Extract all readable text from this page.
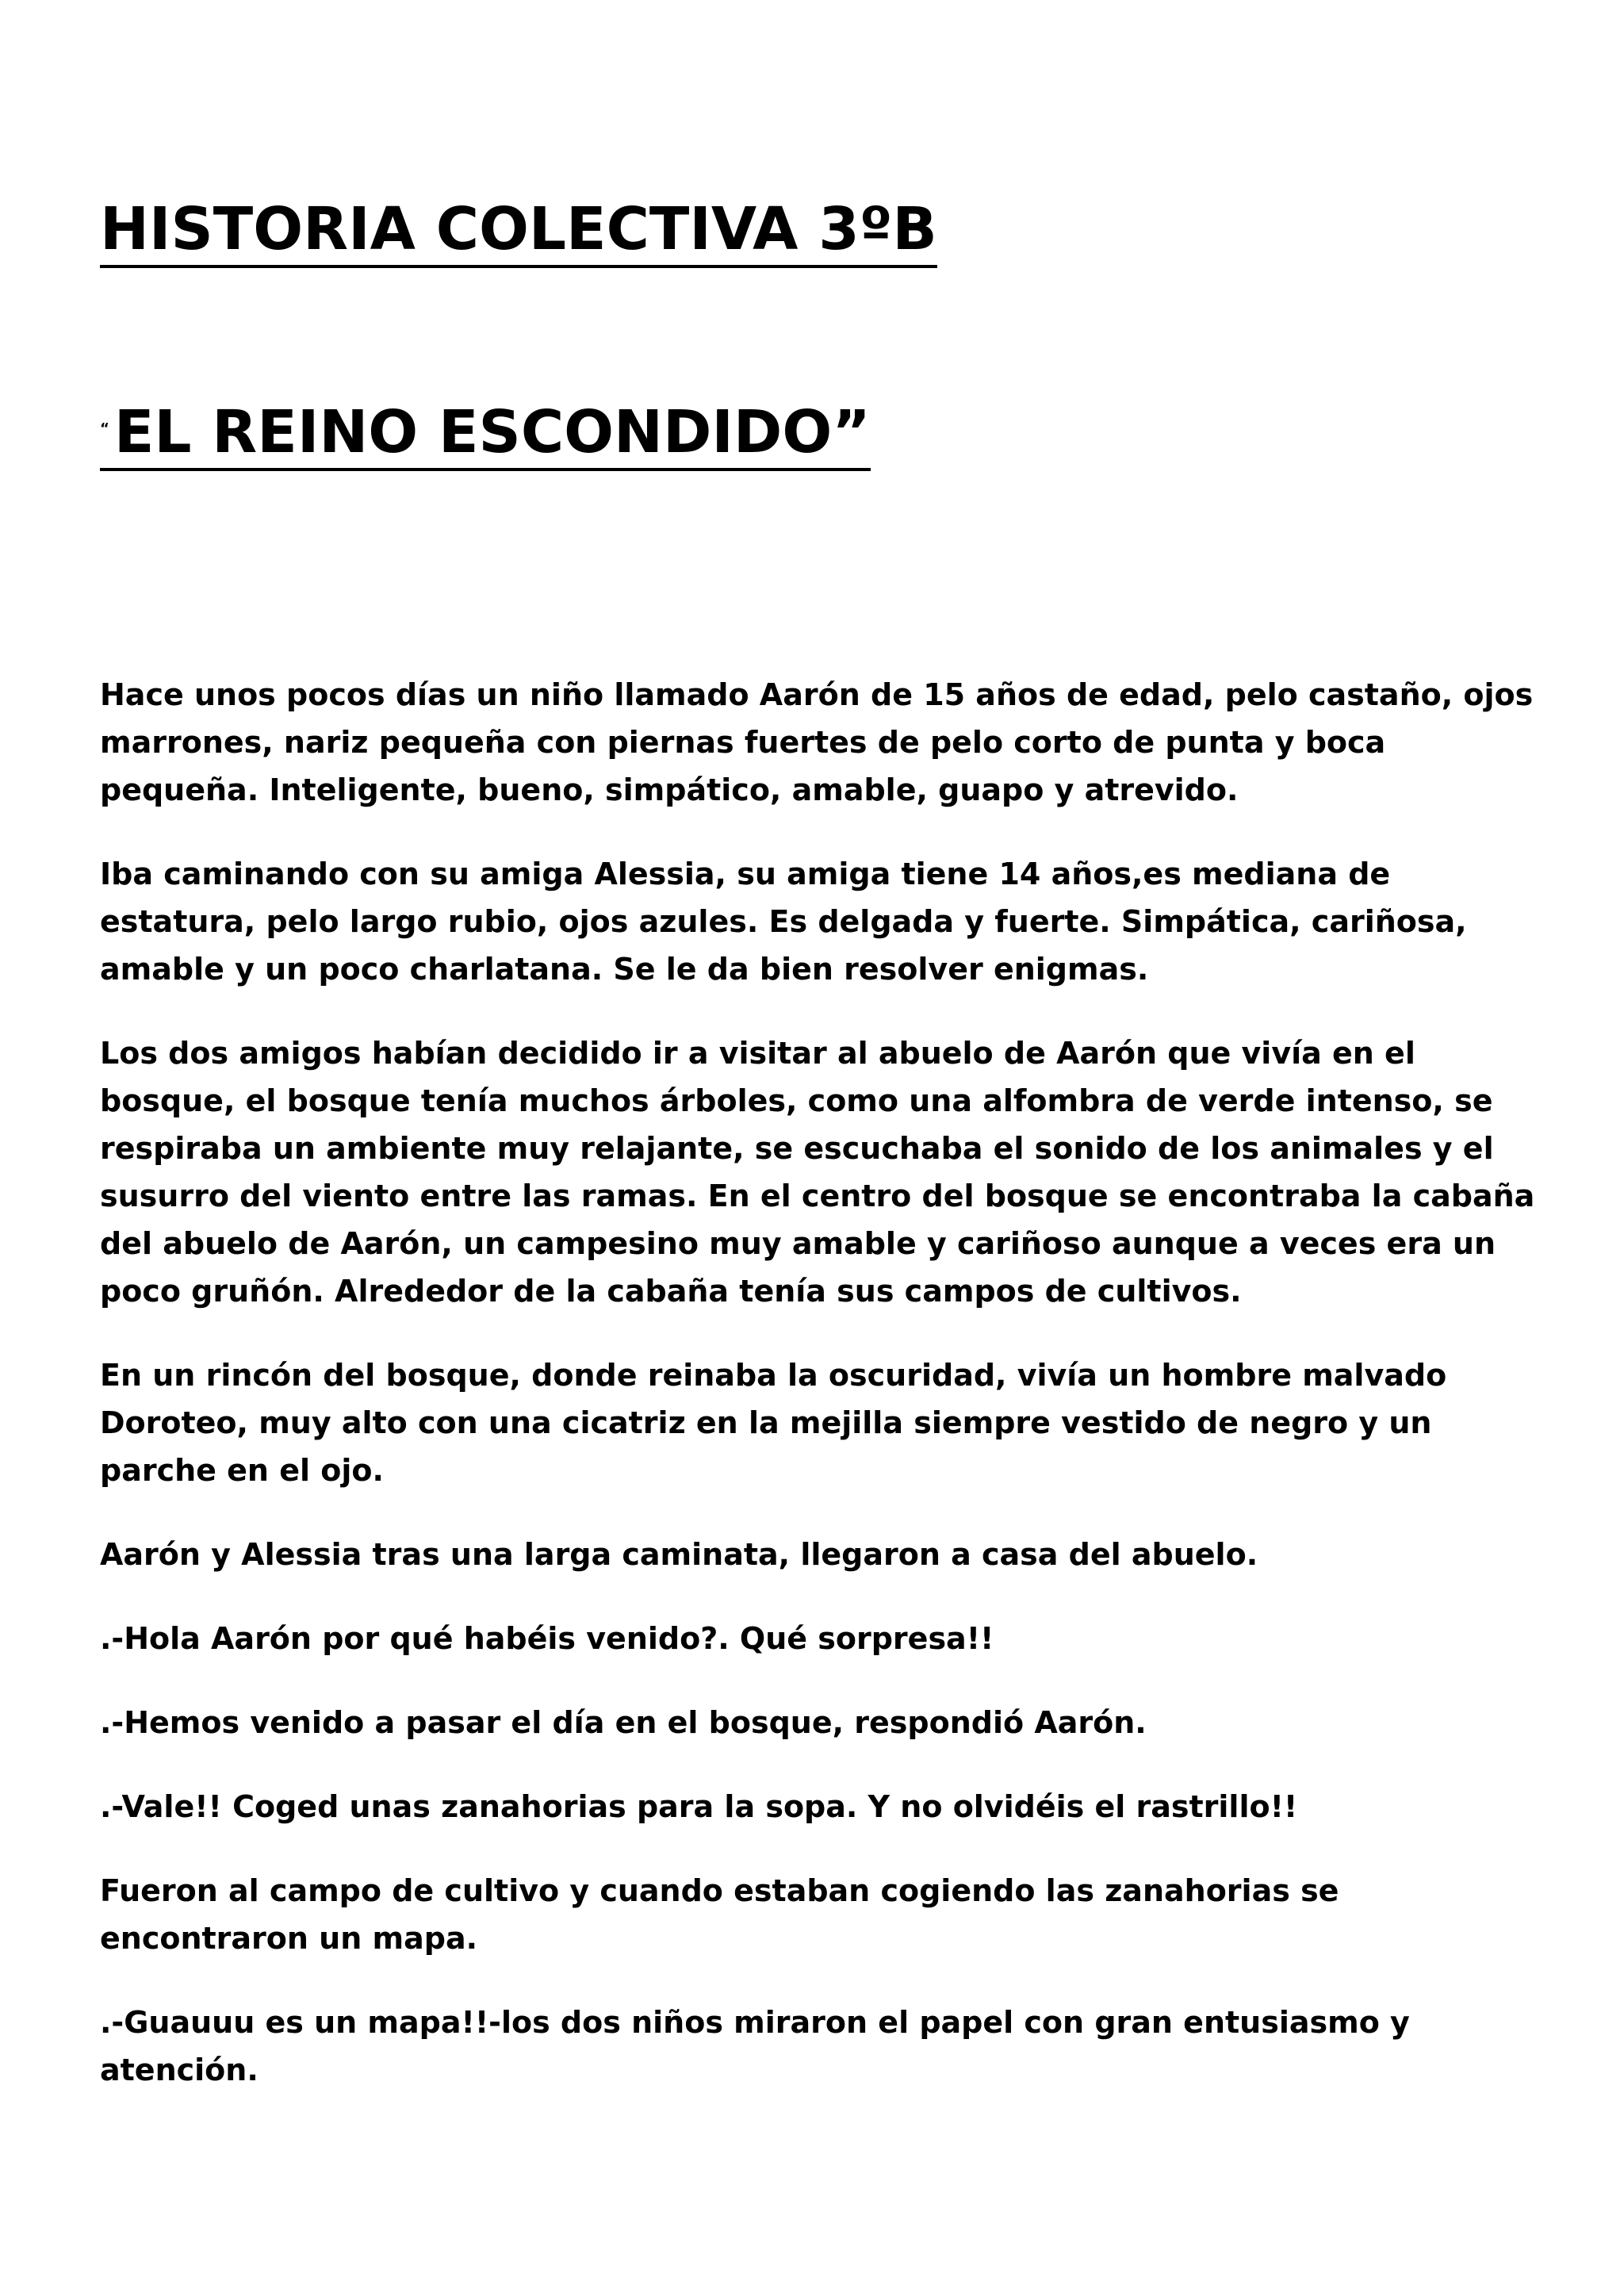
HISTORIA COLECTIVA 3ºB
“EL REINO ESCONDIDO”

Hace unos pocos días un niño llamado Aarón de 15 años de edad, pelo castaño, ojos marrones, nariz pequeña con piernas fuertes de pelo corto de punta y boca pequeña. Inteligente, bueno, simpático, amable, guapo y atrevido.

Iba caminando con su amiga Alessia, su amiga tiene 14 años,es mediana de estatura, pelo largo rubio, ojos azules. Es delgada y fuerte. Simpática, cariñosa, amable y un poco charlatana. Se le da bien resolver enigmas.

Los dos amigos habían decidido ir a visitar al abuelo de Aarón que vivía en el bosque, el bosque tenía muchos árboles, como una alfombra de verde intenso, se respiraba un ambiente muy relajante, se escuchaba el sonido de los animales y el susurro del viento entre las ramas. En el centro del bosque se encontraba la cabaña del abuelo de Aarón, un campesino muy amable y cariñoso aunque a veces era un poco gruñón. Alrededor de la cabaña tenía sus campos de cultivos.

En un rincón del bosque, donde reinaba la oscuridad, vivía un hombre malvado Doroteo, muy alto con una cicatriz en la mejilla siempre vestido de negro y un parche en el ojo.

Aarón y Alessia tras una larga caminata, llegaron a casa del abuelo.

.-Hola Aarón por qué habéis venido?. Qué sorpresa!!

.-Hemos venido a pasar el día en el bosque, respondió Aarón.

.-Vale!! Coged unas zanahorias para la sopa. Y no olvidéis el rastrillo!!

Fueron al campo de cultivo y cuando estaban cogiendo las zanahorias se encontraron un mapa.

.-Guauuu es un mapa!!-los dos niños miraron el papel con gran entusiasmo y atención.
